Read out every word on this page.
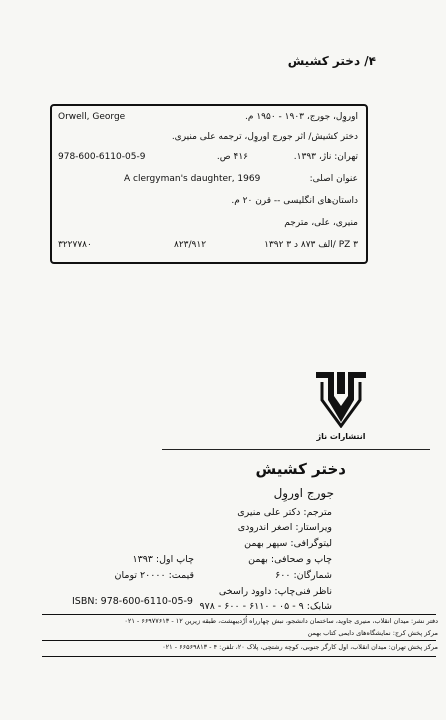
۴/ دختر کشیش
Orwell, George	اوروِل، جورج، ۱۹۰۳ - ۱۹۵۰ م.
دختر کشیش/ اثر جورج اوروِل، ترجمه علی منیری.
تهران: ناژ، ۱۳۹۳.
۴۱۶ ص.
978-600-6110-05-9
عنوان اصلی:
A clergyman's daughter, 1969
داستان‌های انگلیسی -- قرن ۲۰ م.
منیری، علی، مترجم
PZ ۳ /الف ۸۷۳ د ۳ ۱۳۹۲
۸۲۳/۹۱۲
۳۲۲۷۷۸۰
انتشارات ناژ
دختر کشیش
جورج اوروِل
مترجم: دکتر علی منیری
ویراستار: اصغر اندرودی
لیتوگرافی: سپهر بهمن
چاپ و صحافی: بهمن
چاپ اول: ۱۳۹۳
شمارگان: ۶۰۰
قیمت: ۲۰۰۰۰ تومان
ناظر فنی‌چاپ: داوود راسخی
شابک: ۹ - ۰۵ - ۶۱۱۰ - ۶۰۰ - ۹۷۸
ISBN: 978-600-6110-05-9
دفتر نشر: میدان انقلاب، منیری جاوید، ساختمان دانشجو، نبش چهارراه اُرْدیبهشت، طبقه زیرین ۱۲ - ۶۶۹۷۷۶۱۳ - ۰۲۱
مرکز پخش کرج: نمایشگاه‌های دایمی کتاب بهمن
مرکز پخش تهران: میدان انقلاب، اول کارگر جنوبی، کوچه رشتچی، پلاک ۲۰، تلفن: ۴ - ۶۶۵۶۹۸۱۳ - ۰۲۱
